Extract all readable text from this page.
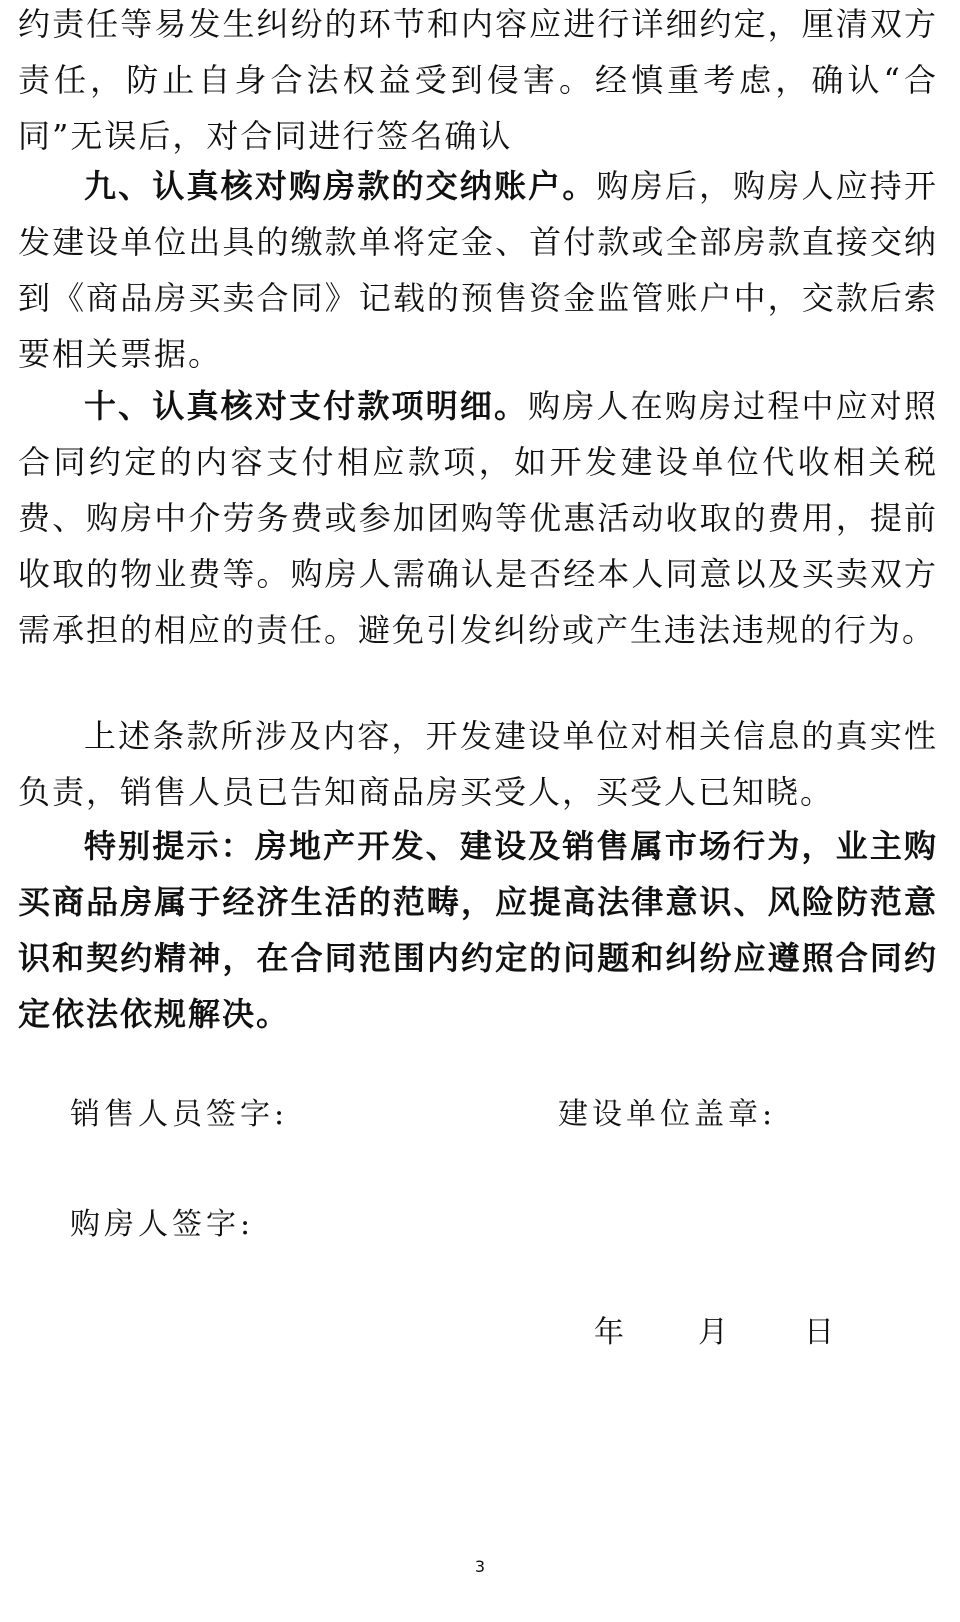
约责任等易发生纠纷的环节和内容应进行详细约定，厘清双方责任，防止自身合法权益受到侵害。经慎重考虑，确认“合同”无误后，对合同进行签名确认

九、认真核对购房款的交纳账户。购房后，购房人应持开发建设单位出具的缴款单将定金、首付款或全部房款直接交纳到《商品房买卖合同》记载的预售资金监管账户中，交款后索要相关票据。

十、认真核对支付款项明细。购房人在购房过程中应对照合同约定的内容支付相应款项，如开发建设单位代收相关税费、购房中介劳务费或参加团购等优惠活动收取的费用，提前收取的物业费等。购房人需确认是否经本人同意以及买卖双方需承担的相应的责任。避免引发纠纷或产生违法违规的行为。

上述条款所涉及内容，开发建设单位对相关信息的真实性负责，销售人员已告知商品房买受人，买受人已知晓。

特别提示：房地产开发、建设及销售属市场行为，业主购买商品房属于经济生活的范畴，应提高法律意识、风险防范意识和契约精神，在合同范围内约定的问题和纠纷应遵照合同约定依法依规解决。

销售人员签字:	建设单位盖章:

购房人签字:

年 月	日

3
